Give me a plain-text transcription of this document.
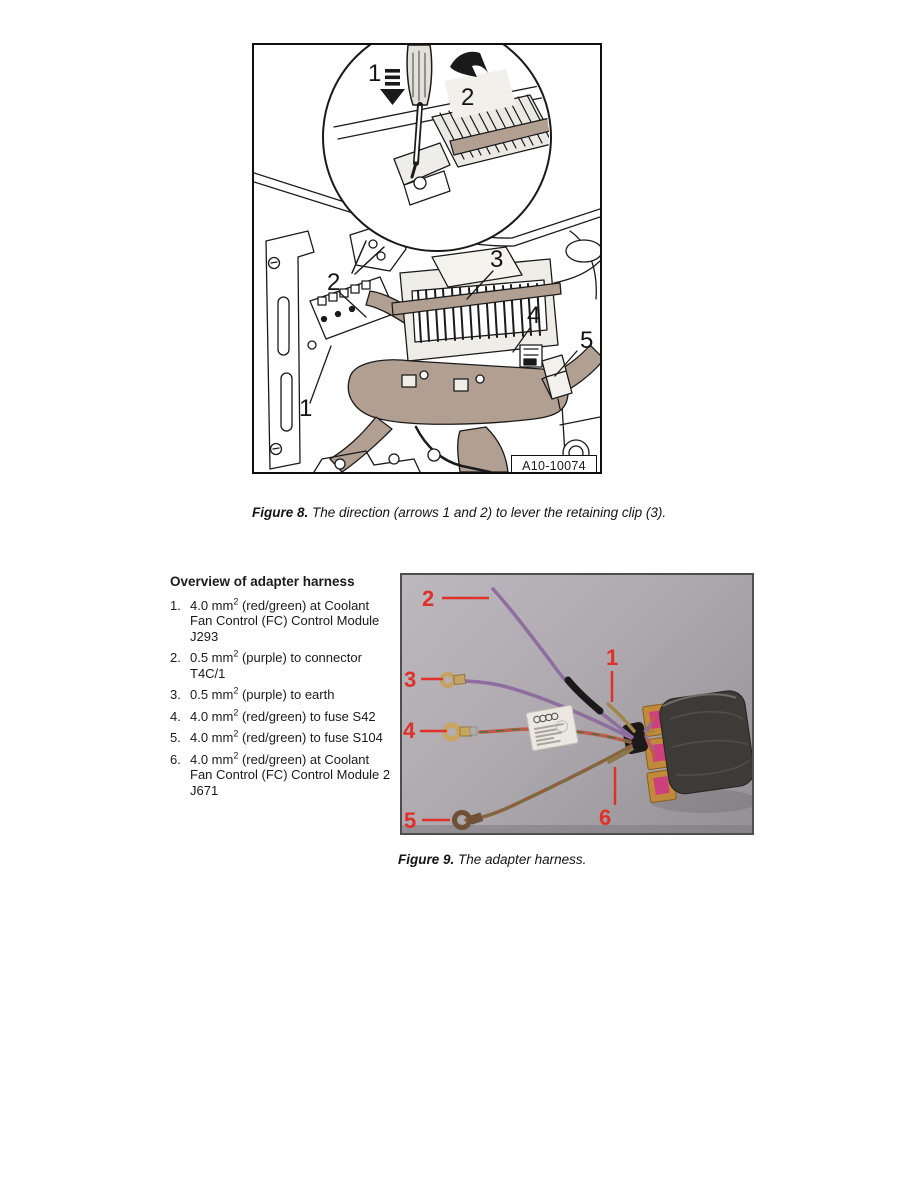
1
2
2
3
4
5
1
A10-10074

Figure 8. The direction (arrows 1 and 2) to lever the retaining clip (3).

Overview of adapter harness

1. 4.0 $mm^2$ (red/green) at Coolant Fan Control (FC) Control Module J293
2. 0.5 $mm^2$ (purple) to connector T4C/1
3. 0.5 $mm^2$ (purple) to earth
4. 4.0 $mm^2$ (red/green) to fuse S42
5. 4.0 $mm^2$ (red/green) to fuse S104
6. 4.0 $mm^2$ (red/green) at Coolant Fan Control (FC) Control Module 2 J671
2
1
3
4
5	6

Figure 9. The adapter harness.
